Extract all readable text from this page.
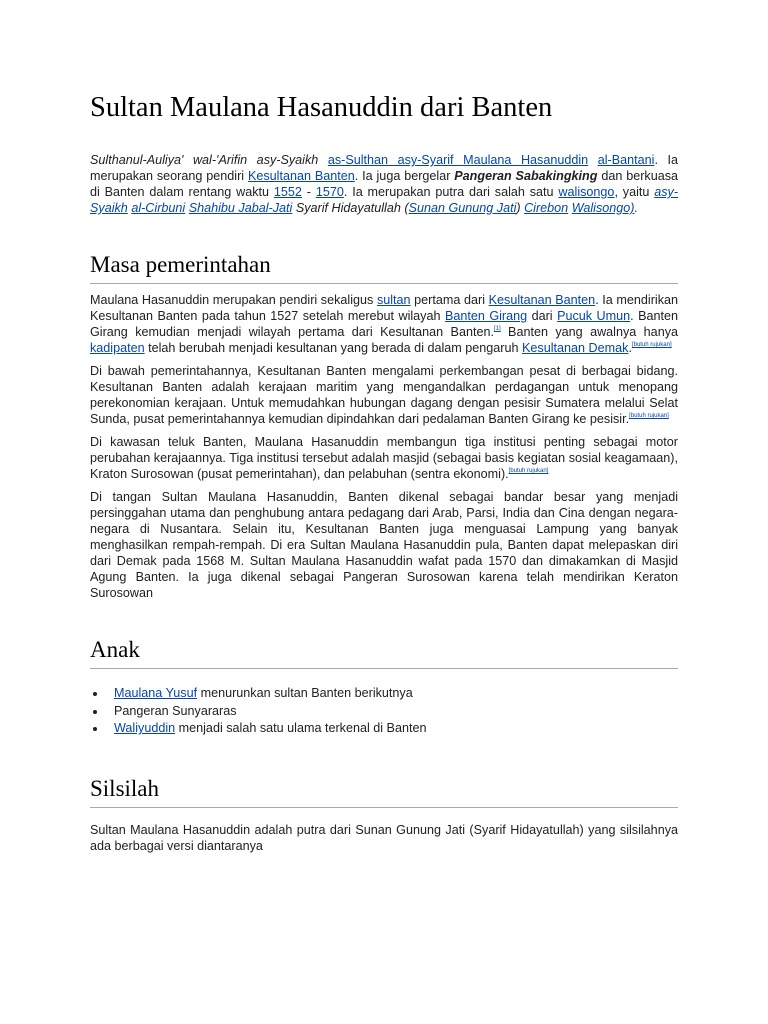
Sultan Maulana Hasanuddin dari Banten

Sulthanul-Auliya' wal-'Arifin asy-Syaikh as-Sulthan asy-Syarif Maulana Hasanuddin al-Bantani. Ia merupakan seorang pendiri Kesultanan Banten. Ia juga bergelar Pangeran Sabakingking dan berkuasa di Banten dalam rentang waktu 1552 - 1570. Ia merupakan putra dari salah satu walisongo, yaitu asy-Syaikh al-Cirbuni Shahibu Jabal-Jati Syarif Hidayatullah (Sunan Gunung Jati) Cirebon Walisongo).

Masa pemerintahan

Maulana Hasanuddin merupakan pendiri sekaligus sultan pertama dari Kesultanan Banten. Ia mendirikan Kesultanan Banten pada tahun 1527 setelah merebut wilayah Banten Girang dari Pucuk Umun. Banten Girang kemudian menjadi wilayah pertama dari Kesultanan Banten.[1] Banten yang awalnya hanya kadipaten telah berubah menjadi kesultanan yang berada di dalam pengaruh Kesultanan Demak.[butuh rujukan]

Di bawah pemerintahannya, Kesultanan Banten mengalami perkembangan pesat di berbagai bidang. Kesultanan Banten adalah kerajaan maritim yang mengandalkan perdagangan untuk menopang perekonomian kerajaan. Untuk memudahkan hubungan dagang dengan pesisir Sumatera melalui Selat Sunda, pusat pemerintahannya kemudian dipindahkan dari pedalaman Banten Girang ke pesisir.[butuh rujukan]

Di kawasan teluk Banten, Maulana Hasanuddin membangun tiga institusi penting sebagai motor perubahan kerajaannya. Tiga institusi tersebut adalah masjid (sebagai basis kegiatan sosial keagamaan), Kraton Surosowan (pusat pemerintahan), dan pelabuhan (sentra ekonomi).[butuh rujukan]

Di tangan Sultan Maulana Hasanuddin, Banten dikenal sebagai bandar besar yang menjadi persinggahan utama dan penghubung antara pedagang dari Arab, Parsi, India dan Cina dengan negara-negara di Nusantara. Selain itu, Kesultanan Banten juga menguasai Lampung yang banyak menghasilkan rempah-rempah. Di era Sultan Maulana Hasanuddin pula, Banten dapat melepaskan diri dari Demak pada 1568 M. Sultan Maulana Hasanuddin wafat pada 1570 dan dimakamkan di Masjid Agung Banten. Ia juga dikenal sebagai Pangeran Surosowan karena telah mendirikan Keraton Surosowan

Anak
Maulana Yusuf menurunkan sultan Banten berikutnya
Pangeran Sunyararas
Waliyuddin menjadi salah satu ulama terkenal di Banten
Silsilah

Sultan Maulana Hasanuddin adalah putra dari Sunan Gunung Jati (Syarif Hidayatullah) yang silsilahnya ada berbagai versi diantaranya
